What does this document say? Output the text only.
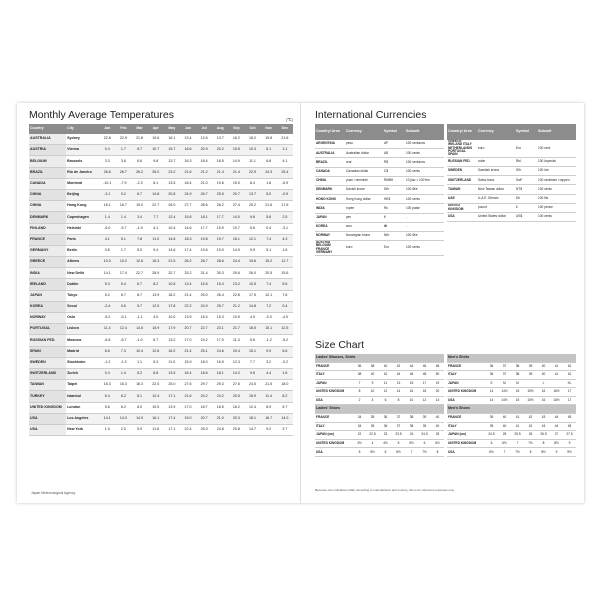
Monthly Average Temperatures	(℃)
Country	City	Jan	Feb	Mar	Apr	May	Jun	Jul	Aug	Sep	Oct	Nov	Dec
AUSTRALIA	Sydney	22.8	22.9	21.8	19.6	16.1	13.4	12.6	13.7	16.2	18.2	19.8	21.6
AUSTRIA	Vienna	0.4	1.7	5.7	10.7	15.7	18.6	20.9	20.2	15.5	10.3	5.1	1.1
BELGIUM	Brussels	3.3	3.6	6.6	9.8	13.7	16.3	18.4	18.5	14.9	11.1	6.8	4.1
BRAZIL	Rio de Janeiro	26.6	26.7	26.2	26.0	23.2	21.6	21.2	21.4	21.4	22.9	24.3	25.4
CANADA	Montreal	-10.1	-7.9	-2.3	6.1	13.5	18.4	21.0	19.6	15.0	8.4	1.8	-5.9
CHINA	Beijing	-3.1	0.2	6.7	14.8	20.8	24.9	26.7	25.5	20.7	13.7	5.0	-0.9
CHINA	Hong Kong	16.1	16.7	19.0	22.7	26.0	27.7	28.6	28.2	27.4	25.2	21.6	17.6
DENMARK	Copenhagen	1.4	1.4	3.4	7.7	12.4	15.6	18.1	17.7	14.0	9.6	5.6	2.5
FINLAND	Helsinki	-5.0	-5.7	-1.9	4.1	10.4	14.6	17.7	15.9	10.7	5.6	0.4	-3.1
FRANCE	Paris	4.1	5.1	7.8	11.0	14.8	18.3	19.8	19.7	16.1	12.1	7.4	4.3
GERMANY	Berlin	0.6	1.7	5.0	9.4	14.6	17.4	19.6	19.0	14.9	9.5	5.1	1.6
GREECE	Athens	10.0	10.2	12.6	16.3	21.5	26.2	28.7	28.6	24.4	19.6	15.2	11.7
INDIA	New Delhi	14.1	17.4	22.7	28.9	32.7	33.2	31.4	30.3	29.6	26.0	20.5	15.6
IRELAND	Dublin	5.3	5.4	6.7	8.2	10.8	13.4	15.5	15.3	13.2	10.5	7.4	5.6
JAPAN	Tokyo	5.2	5.7	8.7	13.9	18.2	21.4	25.0	26.4	22.8	17.5	12.1	7.6
KOREA	Seoul	-2.4	0.6	5.7	12.5	17.8	22.2	24.9	25.7	21.2	14.8	7.2	0.4
NORWAY	Oslo	-5.2	-5.1	-1.1	4.0	10.0	13.9	16.4	15.3	10.9	4.9	-0.3	-4.0
PORTUGAL	Lisbon	11.4	12.4	14.5	15.9	17.9	20.7	22.7	23.1	21.7	18.5	15.1	12.5
RUSSIAN FED.	Moscow	-6.5	-6.7	-1.0	6.7	13.2	17.0	19.2	17.0	11.3	5.6	-1.2	-5.2
SPAIN	Madrid	6.6	7.3	10.4	12.6	16.2	21.4	25.1	24.6	20.4	15.1	9.9	6.6
SWEDEN	Stockholm	-1.2	-1.3	1.1	5.3	11.0	15.9	18.0	16.9	12.3	7.7	3.2	-0.2
SWITZERLAND	Zurich	0.4	1.4	5.2	8.8	13.5	16.4	18.6	18.1	14.2	9.6	4.4	1.6
TAIWAN	Taipei	16.3	16.3	18.3	22.0	25.0	27.6	29.7	29.3	27.6	24.5	21.5	18.0
TURKEY	Istanbul	6.4	6.2	8.1	12.4	17.1	21.6	24.2	24.2	20.5	15.9	11.4	8.2
UNITED KINGDOM	London	5.6	6.2	8.0	10.5	13.9	17.0	18.7	18.5	16.2	12.4	8.9	5.7
USA	Los Angeles	14.1	14.3	14.9	16.1	17.4	19.0	20.7	21.0	20.3	18.1	16.7	14.0
USA	New York	1.0	2.0	5.9	11.6	17.1	22.4	25.3	24.8	20.8	14.7	9.2	3.7
Japan Meteorological Agency
International Currencies
Country/ Area	Currency	Symbol	Subunit
ARGENTINA	peso	AP	100 centavos
AUSTRALIA	Australian dollar	A$	100 cents
BRAZIL	real	R$	100 centavos
CANADA	Canadian dollar	C$	100 cents
CHINA	yuan / renminbi	RMB¥	10 jiao = 100 fen
DENMARK	Danish krone	DKr	100 Øre
HONG KONG	Hong Kong dollar	HK$	100 cents
INDIA	rupee	Rs	100 paise
JAPAN	yen	¥	-
KOREA	won	₩	-
NORWAY	Norwegian krone	NKr	100 Øre
AUSTRIA BELGIUM FRANCE GERMANY	euro	Eur	100 cents
Country/ Area	Currency	Symbol	Subunit
GREECE IRELAND ITALY NETHERLANDS PORTUGAL SPAIN	euro	Eur	100 cent
RUSSIAN FED.	ruble	Rbl.	100 kopecks
SWEDEN	Swedish krona	SKr	100 öre
SWITZERLAND	Swiss franc	SwF	100 centimes / rappen
TAIWAN	New Taiwan dollar	NT$	100 cents
UAE	U.A.E. Dirham	Dh	100 fils
UNITED KINGDOM	pound	£	100 pence
USA	United States dollar	US$	100 cents
Size Chart
Ladies' Blouses, Shirts							
FRANCE	36	38	40	42	44	46	48
ITALY	38	40	42	44	46	48	50
JAPAN	7	9	11	13	15	17	19
UNITED KINGDOM	8	10	12	14	16	18	20
USA	2	4	6	8	10	12	14
Ladies' Shoes							
FRANCE	34	35	36	37	38	39	40
ITALY	34	35	36	37	38	39	40
JAPAN (cm)	22	22.5	23	23.5	24	24.5	25
UNITED KINGDOM	3½	4	4½	5	5½	6	6½
USA	5	5½	6	6½	7	7½	8
Men's Shirts							
FRANCE	36	37	38	39	40	41	42
ITALY	36	37	38	39	40	41	42
JAPAN	S	M	M		L		XL
UNITED KINGDOM	14	14½	15	15½	16	16½	17
USA	14	14½	15	15½	16	16½	17
Men's Shoes							
FRANCE	39	40	41	42	43	44	45
ITALY	39	40	41	42	43	44	45
JAPAN (cm)	24.5	25	25.5	26	26.5	27	27.5
UNITED KINGDOM	6	6½	7	7½	8	8½	9
USA	6½	7	7½	8	8½	9	9½
Because size indications differ according to manufacturer and country, this is for reference purposes only.
